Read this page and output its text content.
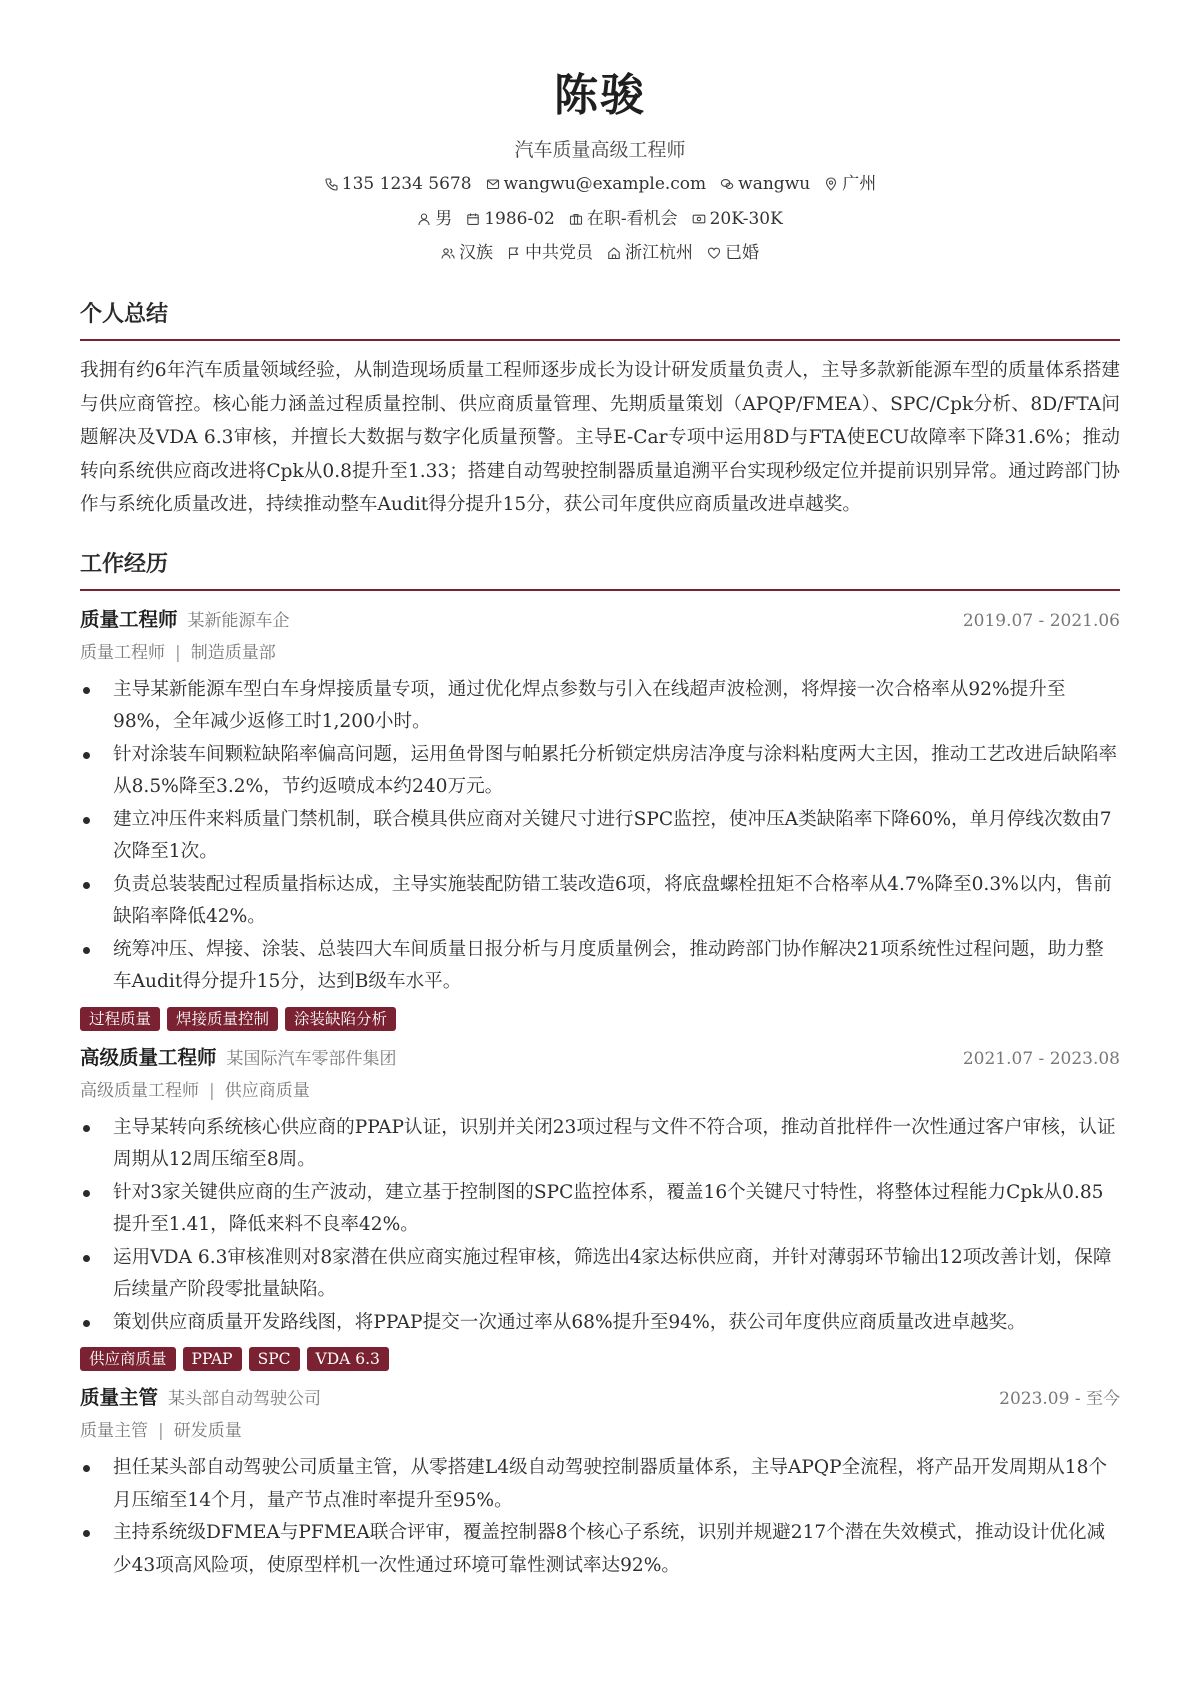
陈骏
汽车质量高级工程师
135 1234 5678 wangwu@example.com wangwu 广州
男 1986-02 在职-看机会 20K-30K
汉族 中共党员 浙江杭州 已婚
个人总结

我拥有约6年汽车质量领域经验，从制造现场质量工程师逐步成长为设计研发质量负责人，主导多款新能源车型的质量体系搭建与供应商管控。核心能力涵盖过程质量控制、供应商质量管理、先期质量策划（APQP/FMEA）、SPC/Cpk分析、8D/FTA问题解决及VDA 6.3审核，并擅长大数据与数字化质量预警。主导E-Car专项中运用8D与FTA使ECU故障率下降31.6%；推动转向系统供应商改进将Cpk从0.8提升至1.33；搭建自动驾驶控制器质量追溯平台实现秒级定位并提前识别异常。通过跨部门协作与系统化质量改进，持续推动整车Audit得分提升15分，获公司年度供应商质量改进卓越奖。

工作经历
质量工程师 某新能源车企	2019.07 - 2021.06
质量工程师 | 制造质量部
主导某新能源车型白车身焊接质量专项，通过优化焊点参数与引入在线超声波检测，将焊接一次合格率从92%提升至98%，全年减少返修工时1,200小时。
针对涂装车间颗粒缺陷率偏高问题，运用鱼骨图与帕累托分析锁定烘房洁净度与涂料粘度两大主因，推动工艺改进后缺陷率从8.5%降至3.2%，节约返喷成本约240万元。
建立冲压件来料质量门禁机制，联合模具供应商对关键尺寸进行SPC监控，使冲压A类缺陷率下降60%，单月停线次数由7次降至1次。
负责总装装配过程质量指标达成，主导实施装配防错工装改造6项，将底盘螺栓扭矩不合格率从4.7%降至0.3%以内，售前缺陷率降低42%。
统筹冲压、焊接、涂装、总装四大车间质量日报分析与月度质量例会，推动跨部门协作解决21项系统性过程问题，助力整车Audit得分提升15分，达到B级车水平。
过程质量	焊接质量控制	涂装缺陷分析
高级质量工程师 某国际汽车零部件集团	2021.07 - 2023.08
高级质量工程师 | 供应商质量
主导某转向系统核心供应商的PPAP认证，识别并关闭23项过程与文件不符合项，推动首批样件一次性通过客户审核，认证周期从12周压缩至8周。
针对3家关键供应商的生产波动，建立基于控制图的SPC监控体系，覆盖16个关键尺寸特性，将整体过程能力Cpk从0.85提升至1.41，降低来料不良率42%。
运用VDA 6.3审核准则对8家潜在供应商实施过程审核，筛选出4家达标供应商，并针对薄弱环节输出12项改善计划，保障后续量产阶段零批量缺陷。
策划供应商质量开发路线图，将PPAP提交一次通过率从68%提升至94%，获公司年度供应商质量改进卓越奖。
供应商质量	PPAP	SPC	VDA 6.3
质量主管 某头部自动驾驶公司	2023.09 - 至今
质量主管 | 研发质量
担任某头部自动驾驶公司质量主管，从零搭建L4级自动驾驶控制器质量体系，主导APQP全流程，将产品开发周期从18个月压缩至14个月，量产节点准时率提升至95%。
主持系统级DFMEA与PFMEA联合评审，覆盖控制器8个核心子系统，识别并规避217个潜在失效模式，推动设计优化减少43项高风险项，使原型样机一次性通过环境可靠性测试率达92%。
